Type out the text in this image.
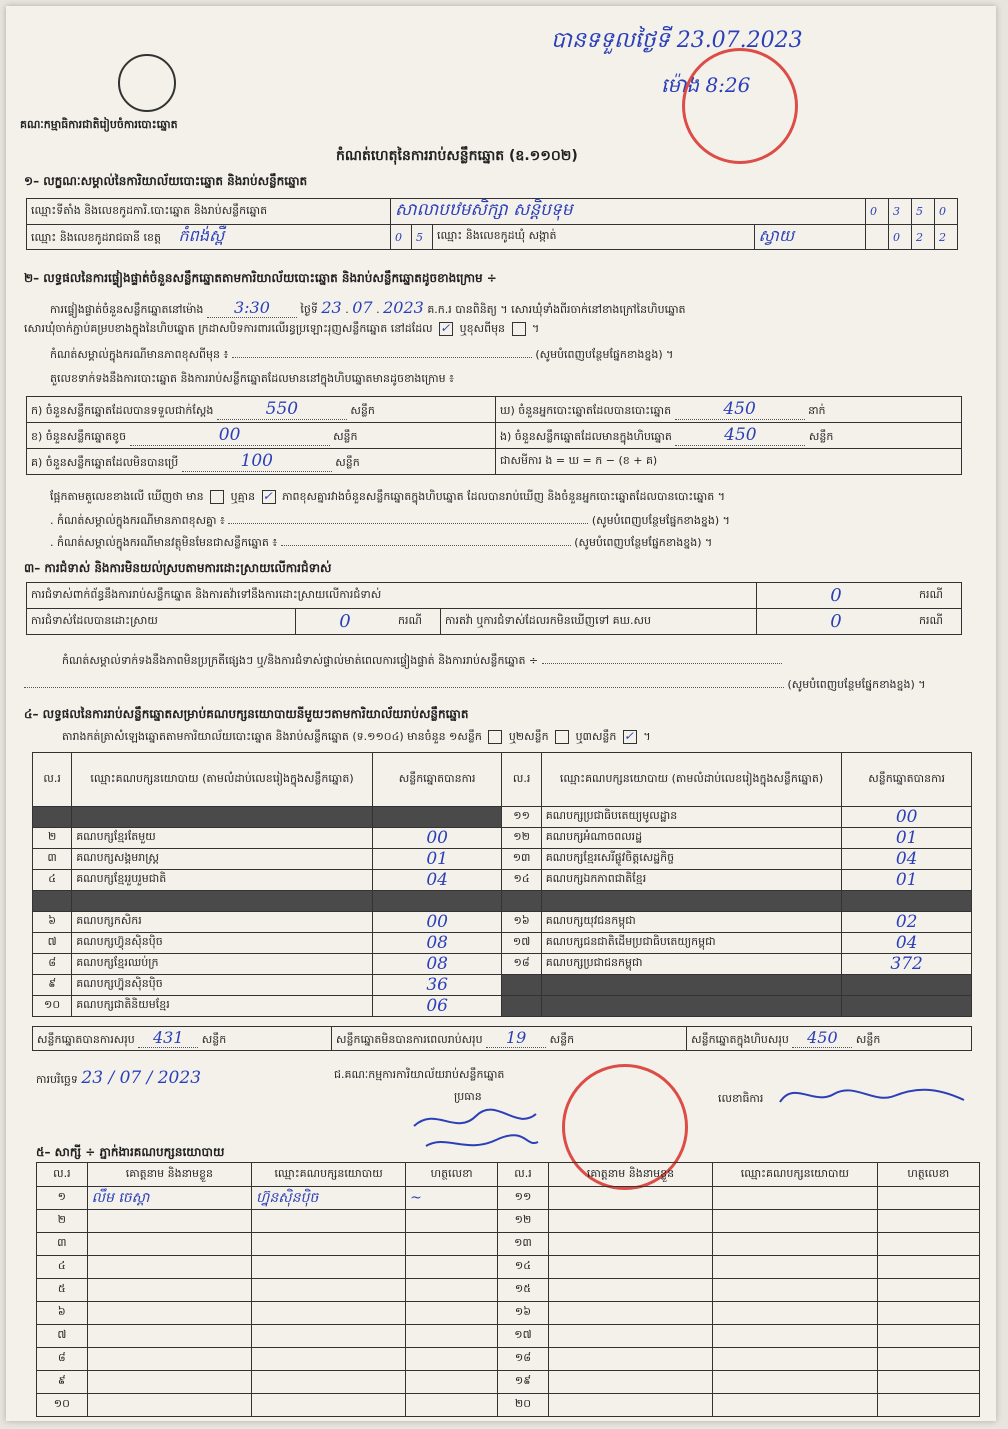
គណៈកម្មាធិការជាតិរៀបចំការបោះឆ្នោត
បានទទួលថ្ងៃទី 23.07.2023
ម៉ោង 8:26
កំណត់ហេតុនៃការរាប់សន្លឹកឆ្នោត (ឧ.១១០២)
១– លក្ខណៈសម្គាល់នៃការិយាល័យបោះឆ្នោត និងរាប់សន្លឹកឆ្នោត
ឈ្មោះទីតាំង និងលេខកូដការិ.បោះឆ្នោត និងរាប់សន្លឹកឆ្នោត	សាលាបឋមសិក្សា សន្តិបទុម				0	3	5	0
ឈ្មោះ និងលេខកូដរាជធានី ខេត្ត កំពង់ស្ពឺ	0	5	ឈ្មោះ និងលេខកូដឃុំ សង្កាត់	ស្វាយ		0	2	2
២– លទ្ធផលនៃការផ្ទៀងផ្ទាត់ចំនួនសន្លឹកឆ្នោតតាមការិយាល័យបោះឆ្នោត និងរាប់សន្លឹកឆ្នោតដូចខាងក្រោម ÷
ការផ្ទៀងផ្ទាត់ចំនួនសន្លឹកឆ្នោតនៅម៉ោង 3:30	ថ្ងៃទី 23 . 07 . 2023 គ.ក.រ បានពិនិត្យ ។ សោរឃុំទាំងពីរចាក់នៅខាងក្រៅនៃហិបឆ្នោត
សោរឃុំចាក់ភ្ជាប់គម្របខាងក្នុងនៃហិបឆ្នោត ក្រដាសបិទការពារលើរន្ធប្រឡោះរុញសន្លឹកឆ្នោត នៅដដែល ✓ ឬខុសពីមុន  ។
កំណត់សម្គាល់ក្នុងករណីមានភាពខុសពីមុន ៖	(សូមបំពេញបន្ថែមផ្នែកខាងខ្នង) ។
តួលេខទាក់ទងនឹងការបោះឆ្នោត និងការរាប់សន្លឹកឆ្នោតដែលមាននៅក្នុងហិបឆ្នោតមានដូចខាងក្រោម ៖
ក) ចំនួនសន្លឹកឆ្នោតដែលបានទទួលជាក់ស្ដែង 550 សន្លឹក	ឃ) ចំនួនអ្នកបោះឆ្នោតដែលបានបោះឆ្នោត 450 នាក់
ខ) ចំនួនសន្លឹកឆ្នោតខូច 00 សន្លឹក	ង) ចំនួនសន្លឹកឆ្នោតដែលមានក្នុងហិបឆ្នោត 450 សន្លឹក
គ) ចំនួនសន្លឹកឆ្នោតដែលមិនបានប្រើ 100 សន្លឹក	ជាសមីការ ង = ឃ = ក − (ខ + គ)
ផ្អែកតាមតួលេខខាងលើ ឃើញថា មាន ឬគ្មាន ✓ ភាពខុសគ្នារវាងចំនួនសន្លឹកឆ្នោតក្នុងហិបឆ្នោត ដែលបានរាប់ឃើញ និងចំនួនអ្នកបោះឆ្នោតដែលបានបោះឆ្នោត ។
. កំណត់សម្គាល់ក្នុងករណីមានភាពខុសគ្នា ៖	(សូមបំពេញបន្ថែមផ្នែកខាងខ្នង) ។
. កំណត់សម្គាល់ក្នុងករណីមានវត្ថុមិនមែនជាសន្លឹកឆ្នោត ៖	(សូមបំពេញបន្ថែមផ្នែកខាងខ្នង) ។
៣– ការជំទាស់ និងការមិនយល់ស្របតាមការដោះស្រាយលើការជំទាស់
ការជំទាស់ពាក់ព័ន្ធនឹងការរាប់សន្លឹកឆ្នោត និងការតវ៉ាទៅនឹងការដោះស្រាយលើការជំទាស់				0	ករណី
ការជំទាស់ដែលបានដោះស្រាយ	0	ករណី	ការតវ៉ា ឬការជំទាស់ដែលរកមិនឃើញទៅ គឃ.សប	0	ករណី
កំណត់សម្គាល់ទាក់ទងនឹងភាពមិនប្រក្រតីផ្សេងៗ ឬ/និងការជំទាស់ផ្ទាល់មាត់ពេលការផ្ទៀងផ្ទាត់ និងការរាប់សន្លឹកឆ្នោត ÷
(សូមបំពេញបន្ថែមផ្នែកខាងខ្នង) ។
៤– លទ្ធផលនៃការរាប់សន្លឹកឆ្នោតសម្រាប់គណបក្សនយោបាយនីមួយៗតាមការិយាល័យរាប់សន្លឹកឆ្នោត
តារាងកត់ត្រាសំឡេងឆ្នោតតាមការិយាល័យបោះឆ្នោត និងរាប់សន្លឹកឆ្នោត (ទ.១១០៤) មានចំនួន ១សន្លឹក ឬ២សន្លឹក ឬ៣សន្លឹក ✓ ។
ល.រ	ឈ្មោះគណបក្សនយោបាយ (តាមលំដាប់លេខរៀងក្នុងសន្លឹកឆ្នោត)	សន្លឹកឆ្នោតបានការ	ល.រ	ឈ្មោះគណបក្សនយោបាយ (តាមលំដាប់លេខរៀងក្នុងសន្លឹកឆ្នោត)	សន្លឹកឆ្នោតបានការ
			១១	គណបក្សប្រជាធិបតេយ្យមូលដ្ឋាន	00
២	គណបក្សខ្មែរតែមួយ	00	១២	គណបក្សអំណាចពលរដ្ឋ	01
៣	គណបក្សសង្គមរាស្ត្រ	01	១៣	គណបក្សខ្មែរសេរីផ្លូវចិត្តសេដ្ឋកិច្ច	04
៤	គណបក្សខ្មែររួបរួមជាតិ	04	១៤	គណបក្សឯកភាពជាតិខ្មែរ	01

៦	គណបក្សកសិករ	00	១៦	គណបក្សយុវជនកម្ពុជា	02
៧	គណបក្សហ៊្វុនស៊ិនប៉ិច	08	១៧	គណបក្សជនជាតិដើមប្រជាធិបតេយ្យកម្ពុជា	04
៨	គណបក្សខ្មែរឈប់ក្រ	08	១៨	គណបក្សប្រជាជនកម្ពុជា	372
៩	គណបក្សហ្វ៊ុនស៊ិនប៉ិច	36			
១០	គណបក្សជាតិនិយមខ្មែរ	06			
សន្លឹកឆ្នោតបានការសរុប 431 សន្លឹក	សន្លឹកឆ្នោតមិនបានការពេលរាប់សរុប 19 សន្លឹក	សន្លឹកឆ្នោតក្នុងហិបសរុប 450 សន្លឹក
ការបរិច្ឆេទ 23 / 07 / 2023	ជ.គណៈកម្មការការិយាល័យរាប់សន្លឹកឆ្នោត
ប្រធាន	លេខាធិការ
៥– សាក្សី ÷ ភ្នាក់ងារគណបក្សនយោបាយ
ល.រ	គោត្តនាម និងនាមខ្លួន	ឈ្មោះគណបក្សនយោបាយ	ហត្ថលេខា	ល.រ	គោត្តនាម និងនាមខ្លួន	ឈ្មោះគណបក្សនយោបាយ	ហត្ថលេខា
១	លឹម ចេស្ដា	ហ្វ៊ុនស៊ិនប៉ិច	~	១១			
២				១២			
៣				១៣			
៤				១៤			
៥				១៥			
៦				១៦			
៧				១៧			
៨				១៨			
៩				១៩			
១០				២០			
